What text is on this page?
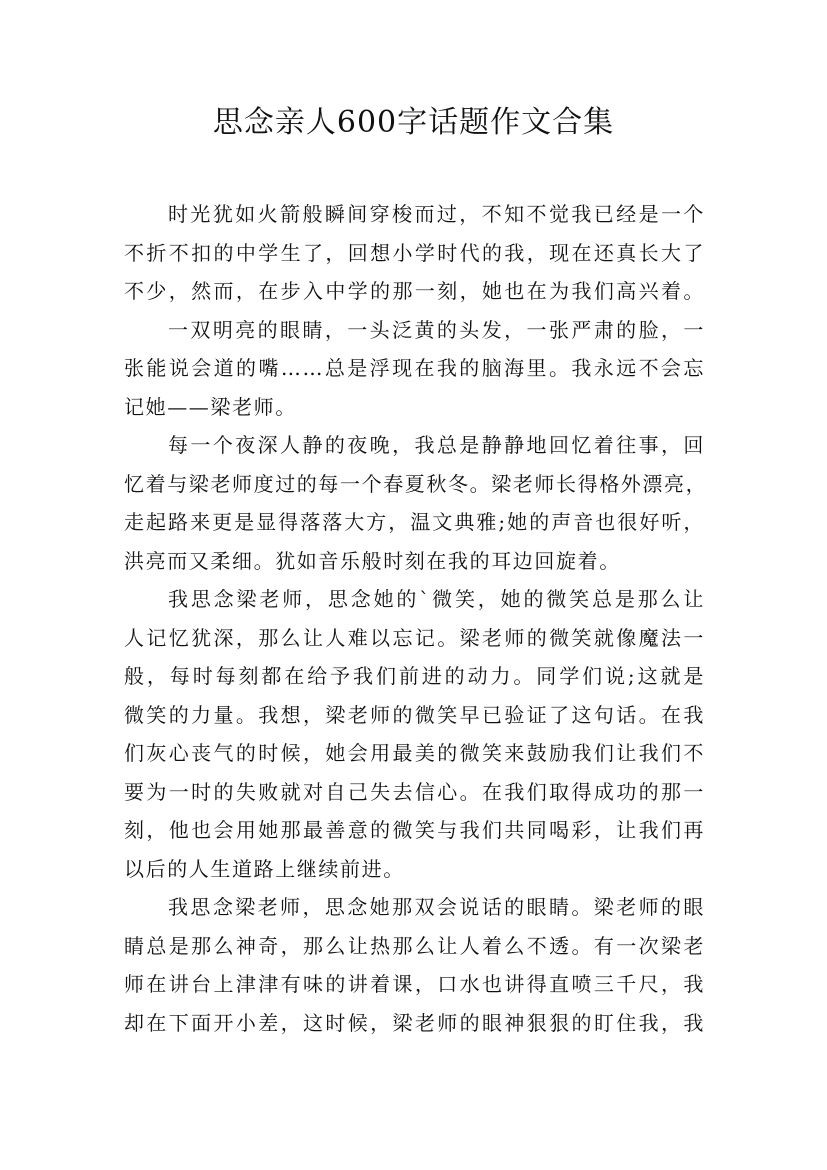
思念亲人600字话题作文合集
时光犹如火箭般瞬间穿梭而过，不知不觉我已经是一个
不折不扣的中学生了，回想小学时代的我，现在还真长大了
不少，然而，在步入中学的那一刻，她也在为我们高兴着。
一双明亮的眼睛，一头泛黄的头发，一张严肃的脸，一
张能说会道的嘴……总是浮现在我的脑海里。我永远不会忘
记她——梁老师。
每一个夜深人静的夜晚，我总是静静地回忆着往事，回
忆着与梁老师度过的每一个春夏秋冬。梁老师长得格外漂亮，
走起路来更是显得落落大方，温文典雅;她的声音也很好听，
洪亮而又柔细。犹如音乐般时刻在我的耳边回旋着。
我思念梁老师，思念她的`微笑，她的微笑总是那么让
人记忆犹深，那么让人难以忘记。梁老师的微笑就像魔法一
般，每时每刻都在给予我们前进的动力。同学们说;这就是
微笑的力量。我想，梁老师的微笑早已验证了这句话。在我
们灰心丧气的时候，她会用最美的微笑来鼓励我们让我们不
要为一时的失败就对自己失去信心。在我们取得成功的那一
刻，他也会用她那最善意的微笑与我们共同喝彩，让我们再
以后的人生道路上继续前进。
我思念梁老师，思念她那双会说话的眼睛。梁老师的眼
睛总是那么神奇，那么让热那么让人着么不透。有一次梁老
师在讲台上津津有味的讲着课，口水也讲得直喷三千尺，我
却在下面开小差，这时候，梁老师的眼神狠狠的盯住我，我
